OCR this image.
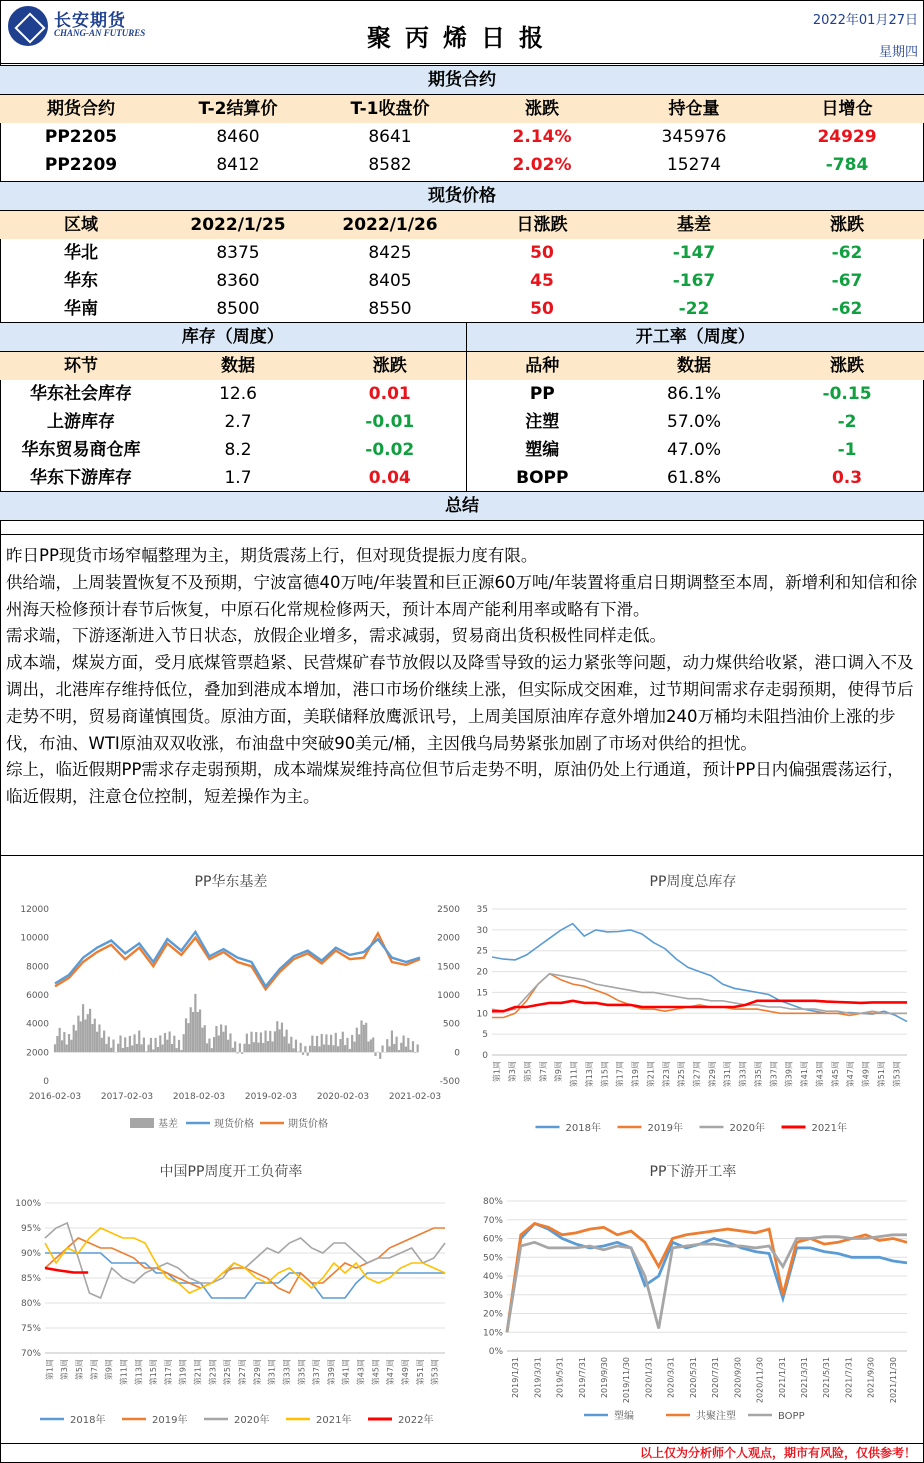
长安期货
CHANG-AN FUTURES	聚丙烯日报
2022年01月27日
星期四
期货合约					
期货合约	T-2结算价	T-1收盘价	涨跌	持仓量	日增仓
PP2205	8460	8641	2.14%	345976	24929
PP2209	8412	8582	2.02%	15274	-784
现货价格					
区域	2022/1/25	2022/1/26	日涨跌	基差	涨跌
华北	8375	8425	50	-147	-62
华东	8360	8405	45	-167	-67
华南	8500	8550	50	-22	-62
库存（周度）			开工率（周度）		
环节	数据	涨跌	品种	数据	涨跌
华东社会库存	12.6	0.01	PP	86.1%	-0.15
上游库存	2.7	-0.01	注塑	57.0%	-2
华东贸易商仓库	8.2	-0.02	塑编	47.0%	-1
华东下游库存	1.7	0.04	BOPP	61.8%	0.3
总结

昨日PP现货市场窄幅整理为主，期货震荡上行，但对现货提振力度有限。

供给端，上周装置恢复不及预期，宁波富德40万吨/年装置和巨正源60万吨/年装置将重启日期调整至本周，新增利和知信和徐州海天检修预计春节后恢复，中原石化常规检修两天，预计本周产能利用率或略有下滑。

需求端，下游逐渐进入节日状态，放假企业增多，需求减弱，贸易商出货积极性同样走低。

成本端，煤炭方面，受月底煤管票趋紧、民营煤矿春节放假以及降雪导致的运力紧张等问题，动力煤供给收紧，港口调入不及调出，北港库存维持低位，叠加到港成本增加，港口市场价继续上涨，但实际成交困难，过节期间需求存走弱预期，使得节后走势不明，贸易商谨慎囤货。原油方面，美联储释放鹰派讯号，上周美国原油库存意外增加240万桶均未阻挡油价上涨的步伐，布油、WTI原油双双收涨，布油盘中突破90美元/桶，主因俄乌局势紧张加剧了市场对供给的担忧。

综上，临近假期PP需求存走弱预期，成本端煤炭维持高位但节后走势不明，原油仍处上行通道，预计PP日内偏强震荡运行，临近假期，注意仓位控制，短差操作为主。

PP华东基差
0
2000
4000
6000
8000
10000
12000
-500
0
500
1000
1500
2000
2500
2016-02-03 2017-02-03 2018-02-03 2019-02-03 2020-02-03 2021-02-03
基差	现货价格	期货价格
PP周度总库存
0
5
10
15
20
25
30
35
第1周 第3周 第5周 第7周 第9周 第11周 第13周 第15周 第17周 第19周 第21周 第23周 第25周 第27周 第29周 第31周 第33周 第35周 第37周 第39周 第41周 第43周 第45周 第47周 第49周 第51周 第53周
2018年	2019年	2020年	2021年
中国PP周度开工负荷率
70%
75%
80%
85%
90%
95%
100%
第1周 第3周 第5周 第7周 第9周 第11周 第13周 第15周 第17周 第19周 第21周 第23周 第25周 第27周 第29周 第31周 第33周 第35周 第37周 第39周 第41周 第43周 第45周 第47周 第49周 第51周 第53周
2018年	2019年	2020年	2021年	2022年
PP下游开工率
0%
10%
20%
30%
40%
50%
60%
70%
80%
2019/1/31 2019/3/31 2019/5/31 2019/7/31 2019/9/30 2019/11/30 2020/1/31 2020/3/31 2020/5/31 2020/7/31 2020/9/30 2020/11/30 2021/1/31 2021/3/31 2021/5/31 2021/7/31 2021/9/30 2021/11/30
塑编	共聚注塑	BOPP
以上仅为分析师个人观点，期市有风险，仅供参考！
